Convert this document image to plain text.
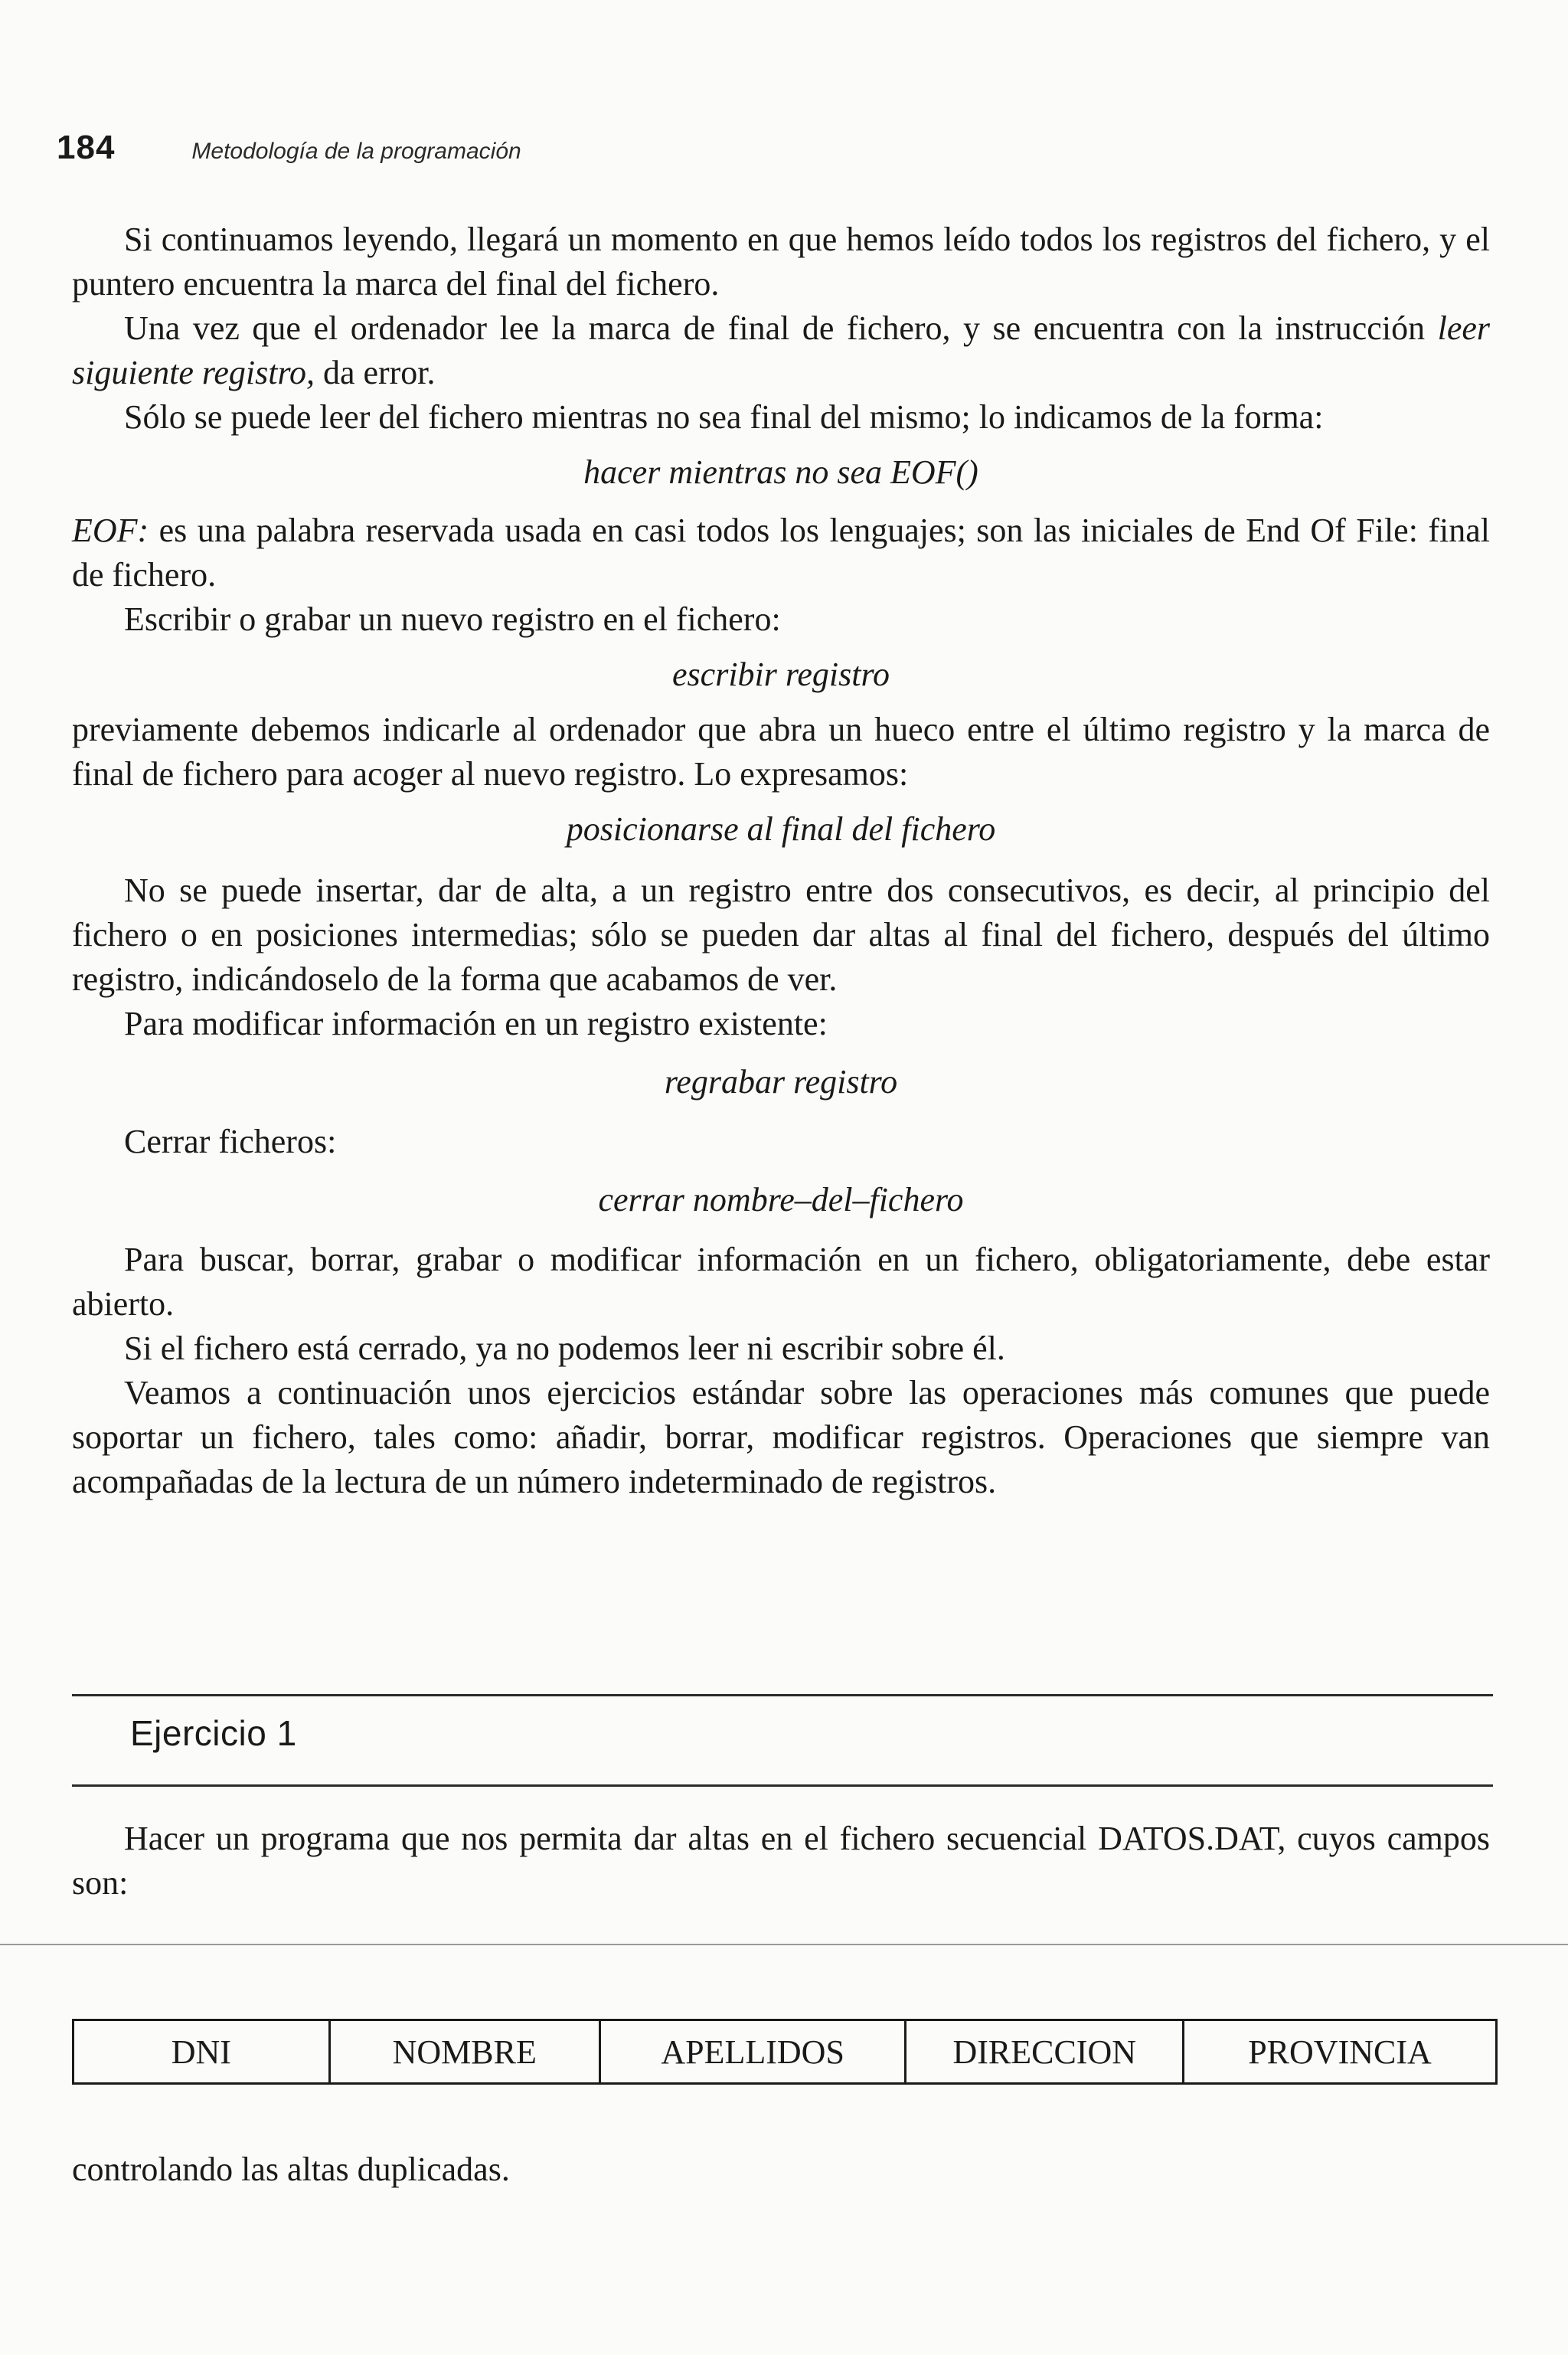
184	Metodología de la programación

Si continuamos leyendo, llegará un momento en que hemos leído todos los registros del fichero, y el puntero encuentra la marca del final del fichero.

Una vez que el ordenador lee la marca de final de fichero, y se encuentra con la instrucción leer siguiente registro, da error.

Sólo se puede leer del fichero mientras no sea final del mismo; lo indicamos de la forma:

hacer mientras no sea EOF()

EOF: es una palabra reservada usada en casi todos los lenguajes; son las iniciales de End Of File: final de fichero.

Escribir o grabar un nuevo registro en el fichero:

escribir registro

previamente debemos indicarle al ordenador que abra un hueco entre el último registro y la marca de final de fichero para acoger al nuevo registro. Lo expresamos:

posicionarse al final del fichero

No se puede insertar, dar de alta, a un registro entre dos consecutivos, es decir, al principio del fichero o en posiciones intermedias; sólo se pueden dar altas al final del fichero, después del último registro, indicándoselo de la forma que acabamos de ver.

Para modificar información en un registro existente:

regrabar registro

Cerrar ficheros:

cerrar nombre–del–fichero

Para buscar, borrar, grabar o modificar información en un fichero, obligatoriamente, debe estar abierto.

Si el fichero está cerrado, ya no podemos leer ni escribir sobre él.

Veamos a continuación unos ejercicios estándar sobre las operaciones más comunes que puede soportar un fichero, tales como: añadir, borrar, modificar registros. Operaciones que siempre van acompañadas de la lectura de un número indeterminado de registros.

Ejercicio 1

Hacer un programa que nos permita dar altas en el fichero secuencial DATOS.DAT, cuyos campos son:

DNI	NOMBRE	APELLIDOS	DIRECCION	PROVINCIA

controlando las altas duplicadas.
